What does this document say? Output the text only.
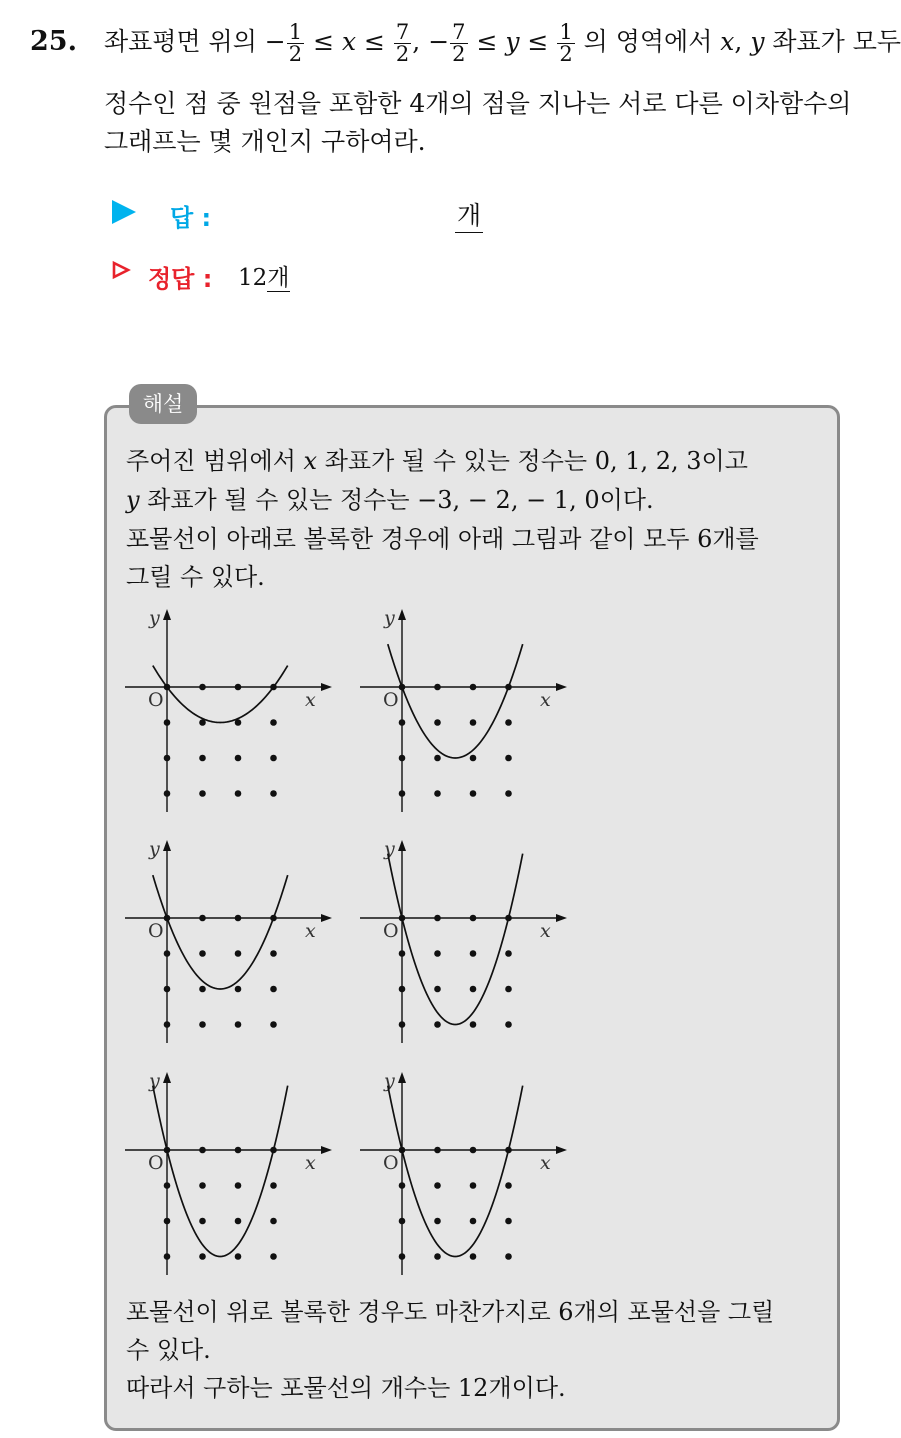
25. 좌표평면 위의 − $\frac{1}{2} \le x \le \frac{7}{2}$ , − $\frac{7}{2} \le y \le \frac{1}{2}$ 의 영역에서 x, y 좌표가 모두
정수인 점 중 원점을 포함한 4개의 점을 지나는 서로 다른 이차함수의
그래프는 몇 개인지 구하여라.
답 :	개
정답 : 12개
해설
주어진 범위에서 x 좌표가 될 수 있는 정수는 0, 1, 2, 3이고
y 좌표가 될 수 있는 정수는 −3, − 2, − 1, 0이다.
포물선이 아래로 볼록한 경우에 아래 그림과 같이 모두 6개를
그릴 수 있다.
x
y
O	x
y
O
x
y
O	x
y
O
x
y
O	x
y
O
포물선이 위로 볼록한 경우도 마찬가지로 6개의 포물선을 그릴
수 있다.
따라서 구하는 포물선의 개수는 12개이다.
